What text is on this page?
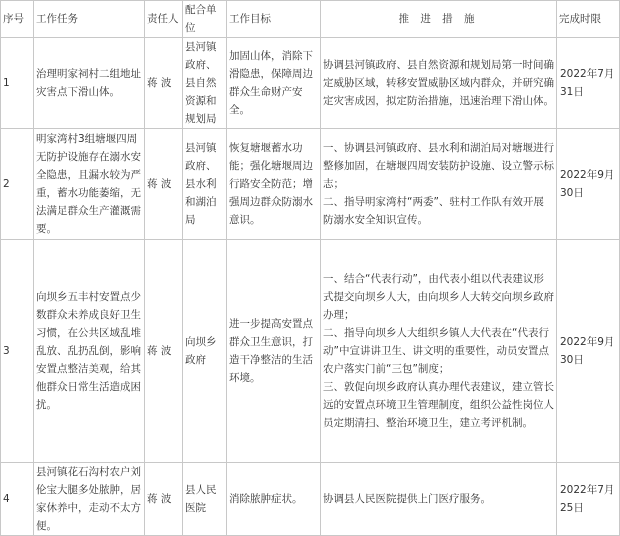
序号	工作任务	责任人	配合单位	工作目标	推 进 措 施	完成时限
1	治理明家祠村二组地址灾害点下滑山体。	蒋 波	县河镇政府、县自然资源和规划局	加固山体，消除下滑隐患，保障周边群众生命财产安全。	协调县河镇政府、县自然资源和规划局第一时间确定威胁区域，转移安置威胁区域内群众，并研究确定灾害成因，拟定防治措施，迅速治理下滑山体。	2022年7月31日
2	明家湾村3组塘堰四周无防护设施存在溺水安全隐患，且漏水较为严重，蓄水功能萎缩，无法满足群众生产灌溉需要。	蒋 波	县河镇政府、县水利和湖泊局	恢复塘堰蓄水功能；强化塘堰周边行路安全防范；增强周边群众防溺水意识。	一、协调县河镇政府、县水利和湖泊局对塘堰进行整修加固，在塘堰四周安装防护设施、设立警示标志；

二、指导明家湾村“两委”、驻村工作队有效开展防溺水安全知识宣传。	2022年9月30日
3	向坝乡五丰村安置点少数群众未养成良好卫生习惯，在公共区域乱堆乱放、乱扔乱倒，影响安置点整洁美观，给其他群众日常生活造成困扰。	蒋 波	向坝乡政府	进一步提高安置点群众卫生意识，打造干净整洁的生活环境。	一、结合“代表行动”，由代表小组以代表建议形式提交向坝乡人大，由向坝乡人大转交向坝乡政府办理；

二、指导向坝乡人大组织乡镇人大代表在“代表行动”中宣讲讲卫生、讲文明的重要性，动员安置点农户落实门前“三包”制度；

三、敦促向坝乡政府认真办理代表建议，建立管长远的安置点环境卫生管理制度，组织公益性岗位人员定期清扫、整治环境卫生，建立考评机制。	2022年9月30日
4	县河镇花石沟村农户刘伦宝大腿多处脓肿，居家休养中，走动不太方便。	蒋 波	县人民医院	消除脓肿症状。	协调县人民医院提供上门医疗服务。	2022年7月25日
